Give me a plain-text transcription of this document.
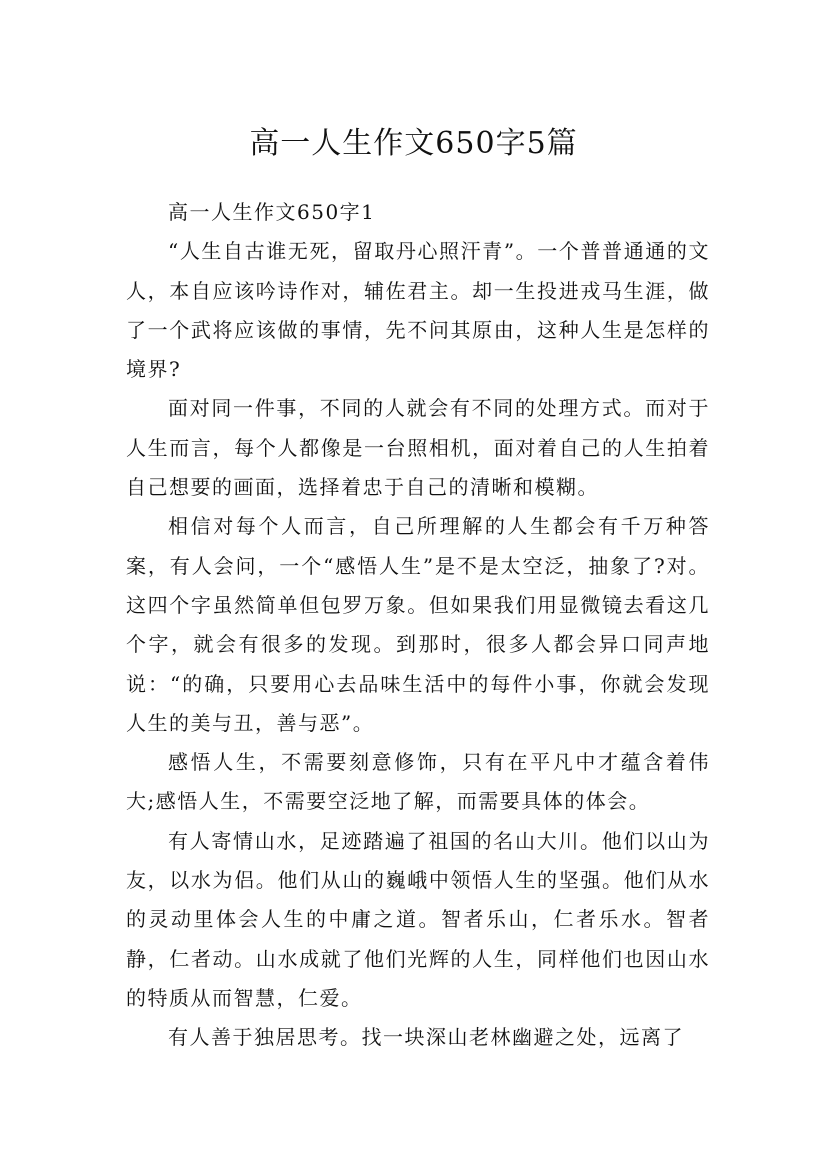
高一人生作文650字5篇

高一人生作文650字1

“人生自古谁无死，留取丹心照汗青”。一个普普通通的文人，本自应该吟诗作对，辅佐君主。却一生投进戎马生涯，做了一个武将应该做的事情，先不问其原由，这种人生是怎样的境界?

面对同一件事，不同的人就会有不同的处理方式。而对于人生而言，每个人都像是一台照相机，面对着自己的人生拍着自己想要的画面，选择着忠于自己的清晰和模糊。

相信对每个人而言，自己所理解的人生都会有千万种答案，有人会问，一个“感悟人生”是不是太空泛，抽象了?对。这四个字虽然简单但包罗万象。但如果我们用显微镜去看这几个字，就会有很多的发现。到那时，很多人都会异口同声地说：“的确，只要用心去品味生活中的每件小事，你就会发现人生的美与丑，善与恶”。

感悟人生，不需要刻意修饰，只有在平凡中才蕴含着伟大;感悟人生，不需要空泛地了解，而需要具体的体会。

有人寄情山水，足迹踏遍了祖国的名山大川。他们以山为友，以水为侣。他们从山的巍峨中领悟人生的坚强。他们从水的灵动里体会人生的中庸之道。智者乐山，仁者乐水。智者静，仁者动。山水成就了他们光辉的人生，同样他们也因山水的特质从而智慧，仁爱。

有人善于独居思考。找一块深山老林幽避之处，远离了
